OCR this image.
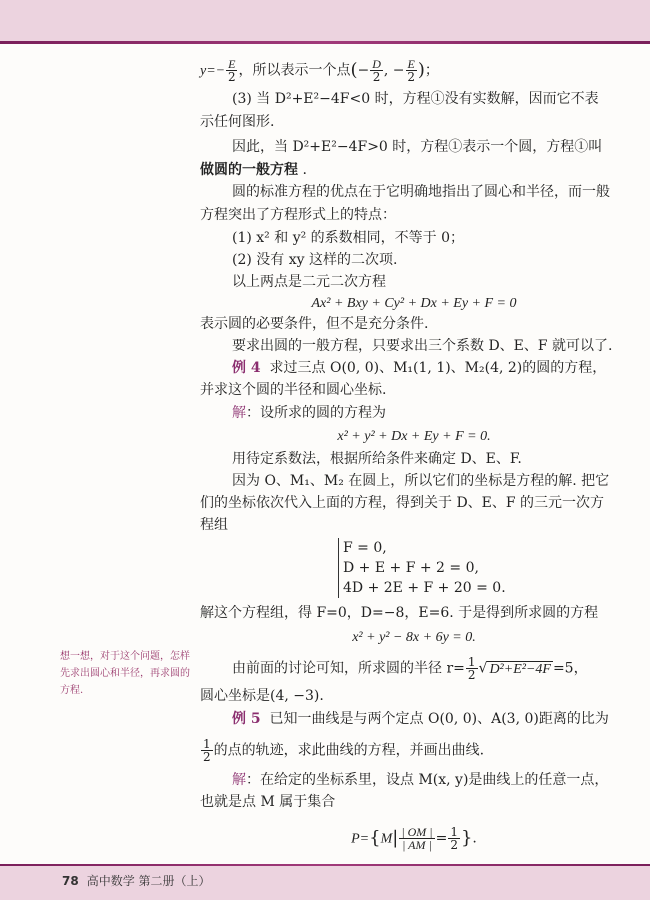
$y=- \frac{E}{2}$ ，所以表示一个点(− $\frac{D}{2}$ , − $\frac{E}{2}$ )；
(3) 当 D²+E²−4F<0 时，方程①没有实数解，因而它不表
示任何图形.
因此，当 D²+E²−4F>0 时，方程①表示一个圆，方程①叫
做圆的一般方程 .
圆的标准方程的优点在于它明确地指出了圆心和半径，而一般
方程突出了方程形式上的特点：
(1) x² 和 y² 的系数相同，不等于 0；
(2) 没有 xy 这样的二次项.
以上两点是二元二次方程
Ax² + Bxy + Cy² + Dx + Ey + F = 0
表示圆的必要条件，但不是充分条件.
要求出圆的一般方程，只要求出三个系数 D、E、F 就可以了.
例 4 求过三点 O(0, 0)、M₁(1, 1)、M₂(4, 2)的圆的方程，
并求这个圆的半径和圆心坐标.
解：设所求的圆的方程为
x² + y² + Dx + Ey + F = 0.
用待定系数法，根据所给条件来确定 D、E、F.
因为 O、M₁、M₂ 在圆上，所以它们的坐标是方程的解. 把它
们的坐标依次代入上面的方程，得到关于 D、E、F 的三元一次方
程组
F = 0,
D + E + F + 2 = 0,
4D + 2E + F + 20 = 0.
解这个方程组，得 F=0，D=−8，E=6. 于是得到所求圆的方程
x² + y² − 8x + 6y = 0.
想一想，对于这个问题，怎样先求出圆心和半径，再求圆的方程.
由前面的讨论可知，所求圆的半径 $r= \frac{1}{2}$ √ D²+E²−4F =5，
圆心坐标是(4, −3).
例 5 已知一曲线是与两个定点 O(0, 0)、A(3, 0)距离的比为
$\frac{1}{2}$ 的点的轨迹，求此曲线的方程，并画出曲线.
解：在给定的坐标系里，设点 M(x, y)是曲线上的任意一点，
也就是点 M 属于集合
$P=\{M| \frac{| OM |}{| AM |} = \frac{1}{2}$ }.
78 高中数学 第二册（上）
